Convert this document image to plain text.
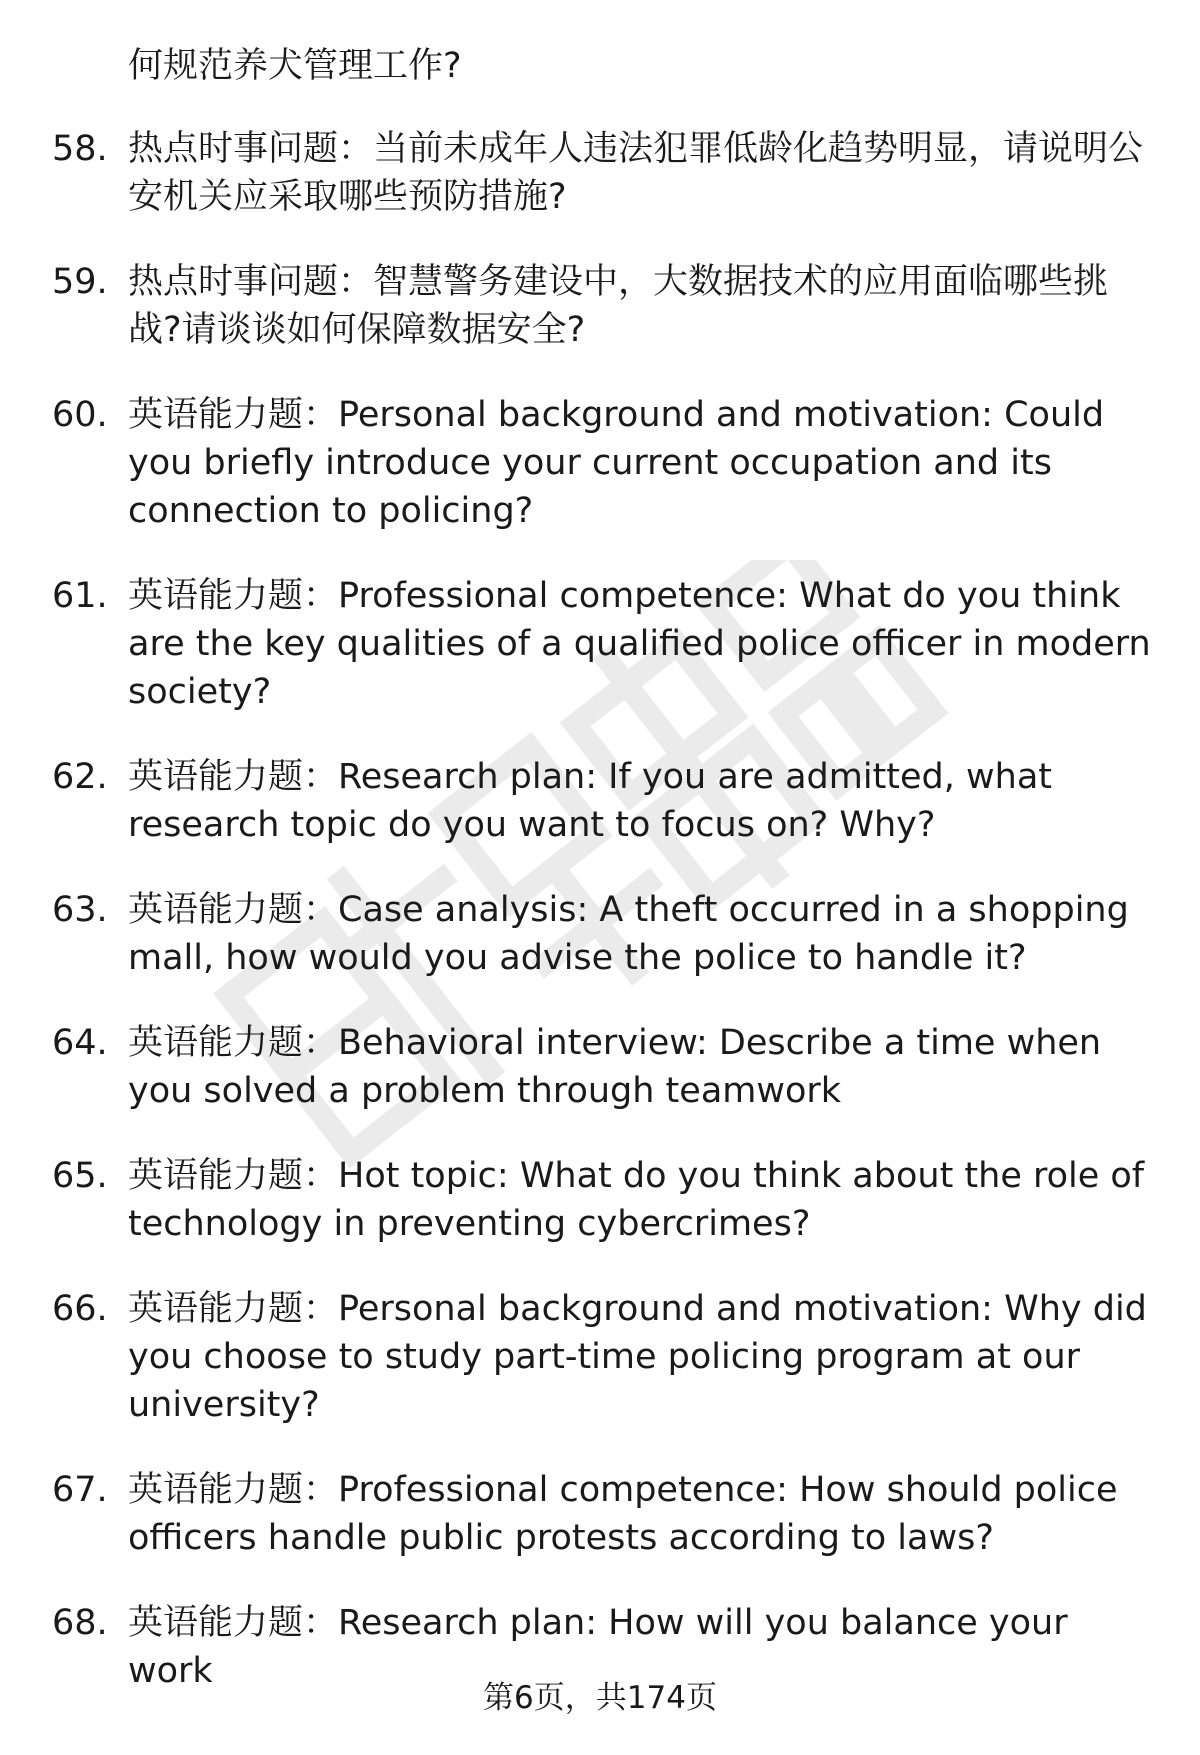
何规范养犬管理工作?
58. 热点时事问题：当前未成年人违法犯罪低龄化趋势明显，请说明公安机关应采取哪些预防措施?
59. 热点时事问题：智慧警务建设中，大数据技术的应用面临哪些挑战?请谈谈如何保障数据安全?
60. 英语能力题：Personal background and motivation: Could you briefly introduce your current occupation and its connection to policing?
61. 英语能力题：Professional competence: What do you think are the key qualities of a qualified police officer in modern society?
62. 英语能力题：Research plan: If you are admitted, what research topic do you want to focus on? Why?
63. 英语能力题：Case analysis: A theft occurred in a shopping mall, how would you advise the police to handle it?
64. 英语能力题：Behavioral interview: Describe a time when you solved a problem through teamwork
65. 英语能力题：Hot topic: What do you think about the role of technology in preventing cybercrimes?
66. 英语能力题：Personal background and motivation: Why did you choose to study part-time policing program at our university?
67. 英语能力题：Professional competence: How should police officers handle public protests according to laws?
68. 英语能力题：Research plan: How will you balance your work
第6页，共174页
